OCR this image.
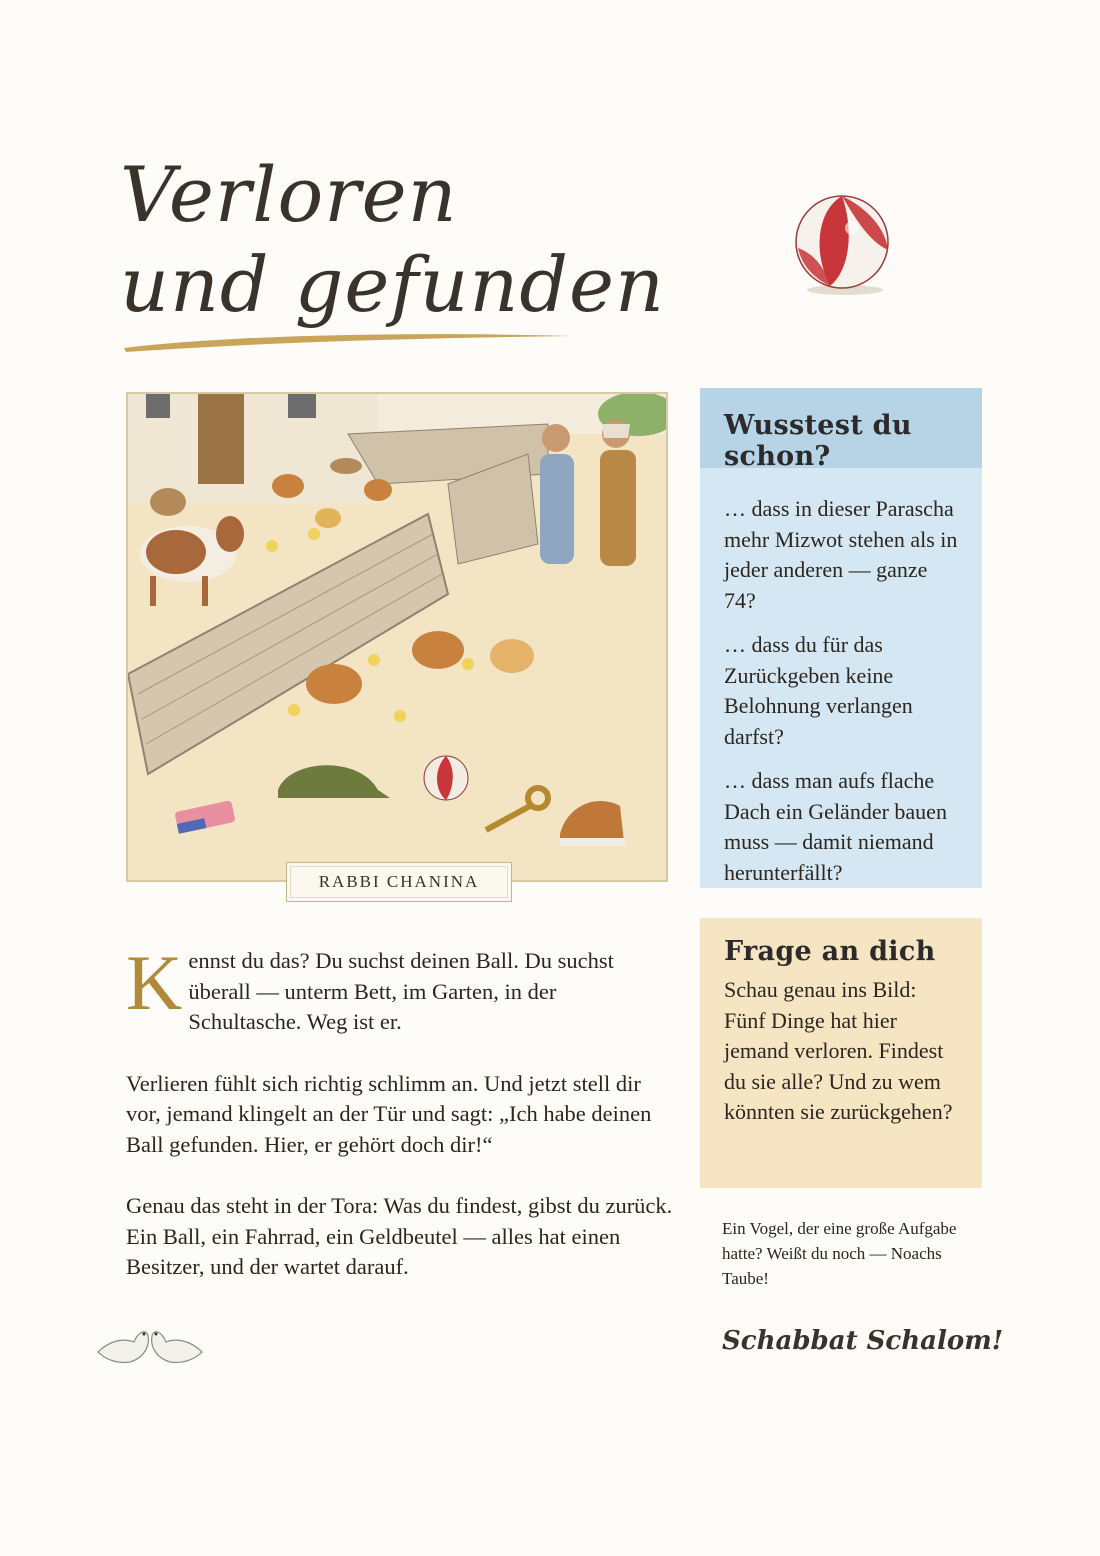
Verloren
und gefunden
RABBI CHANINA

Kennst du das? Du suchst deinen Ball. Du suchst überall — unterm Bett, im Garten, in der Schultasche. Weg ist er.

Verlieren fühlt sich richtig schlimm an. Und jetzt stell dir vor, jemand klingelt an der Tür und sagt: „Ich habe deinen Ball gefunden. Hier, er gehört doch dir!“

Genau das steht in der Tora: Was du findest, gibst du zurück. Ein Ball, ein Fahrrad, ein Geldbeutel — alles hat einen Besitzer, und der wartet darauf.

Wusstest du schon?

… dass in dieser Parascha mehr Mizwot stehen als in jeder anderen — ganze 74?

… dass du für das Zurückgeben keine Belohnung verlangen darfst?

… dass man aufs flache Dach ein Geländer bauen muss — damit niemand herunterfällt?

Frage an dich

Schau genau ins Bild: Fünf Dinge hat hier jemand verloren. Findest du sie alle? Und zu wem könnten sie zurückgehen?

Ein Vogel, der eine große Aufgabe hatte? Weißt du noch — Noachs Taube!
Schabbat Schalom!
